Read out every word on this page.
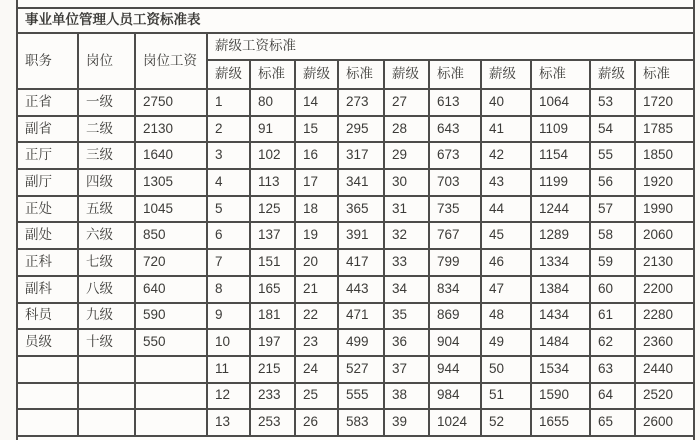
事业单位管理人员工资标准表												
职务	岗位	岗位工资	薪级工资标准									
			薪级	标准	薪级	标准	薪级	标准	薪级	标准	薪级	标准
正省	一级	2750	1	80	14	273	27	613	40	1064	53	1720
副省	二级	2130	2	91	15	295	28	643	41	1109	54	1785
正厅	三级	1640	3	102	16	317	29	673	42	1154	55	1850
副厅	四级	1305	4	113	17	341	30	703	43	1199	56	1920
正处	五级	1045	5	125	18	365	31	735	44	1244	57	1990
副处	六级	850	6	137	19	391	32	767	45	1289	58	2060
正科	七级	720	7	151	20	417	33	799	46	1334	59	2130
副科	八级	640	8	165	21	443	34	834	47	1384	60	2200
科员	九级	590	9	181	22	471	35	869	48	1434	61	2280
员级	十级	550	10	197	23	499	36	904	49	1484	62	2360
			11	215	24	527	37	944	50	1534	63	2440
			12	233	25	555	38	984	51	1590	64	2520
			13	253	26	583	39	1024	52	1655	65	2600
